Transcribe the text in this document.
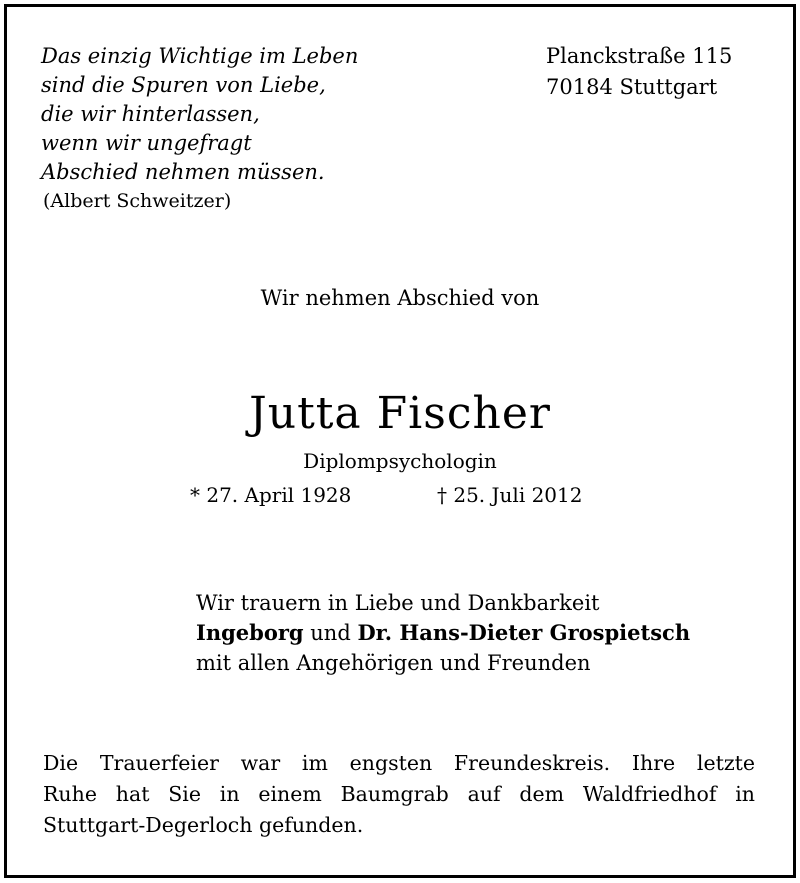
Das einzig Wichtige im Leben
sind die Spuren von Liebe,
die wir hinterlassen,
wenn wir ungefragt
Abschied nehmen müssen.
(Albert Schweitzer)
Planckstraße 115
70184 Stuttgart
Wir nehmen Abschied von
Jutta Fischer
Diplompsychologin
* 27. April 1928	† 25. Juli 2012
Wir trauern in Liebe und Dankbarkeit
Ingeborg und Dr. Hans-Dieter Grospietsch
mit allen Angehörigen und Freunden
Die Trauerfeier war im engsten Freundeskreis. Ihre letzte
Ruhe hat Sie in einem Baumgrab auf dem Waldfriedhof in
Stuttgart-Degerloch gefunden.
